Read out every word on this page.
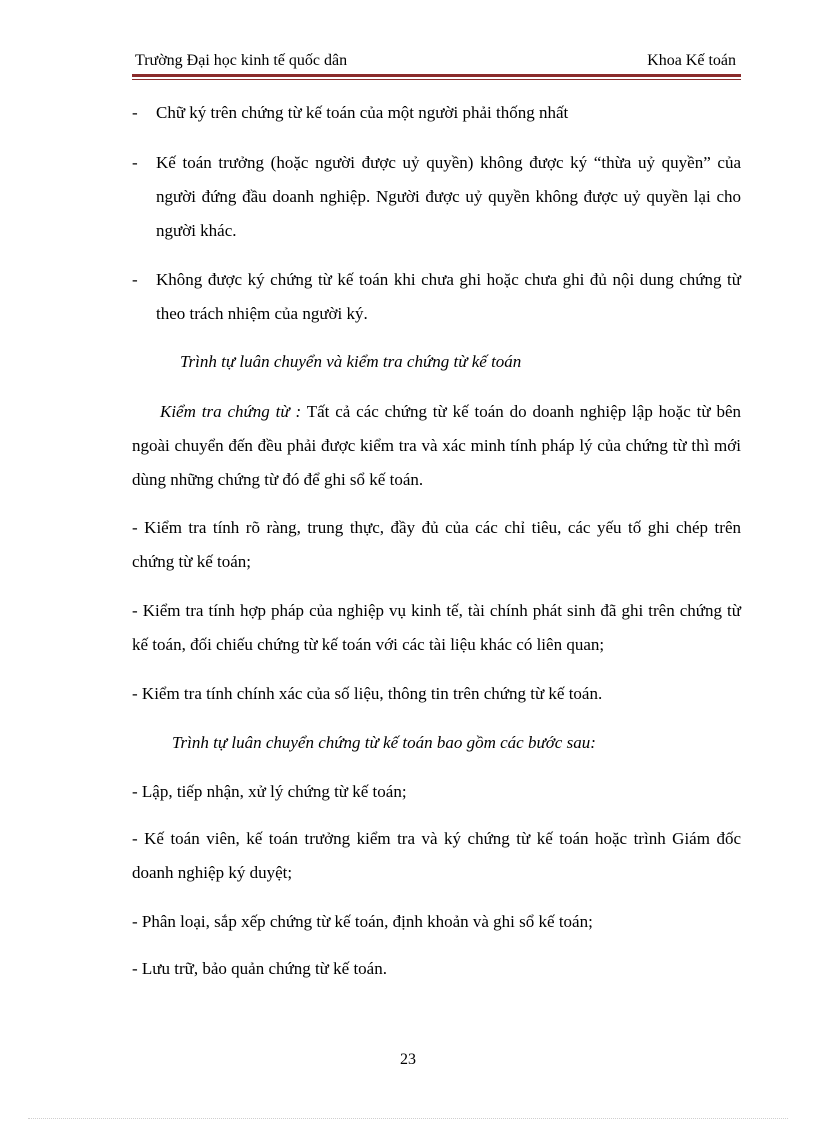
Trường Đại học kinh tế quốc dân	Khoa Kế toán
-	Chữ ký trên chứng từ kế toán của một người phải thống nhất
-	Kế toán trưởng (hoặc người được uỷ quyền) không được ký “thừa uỷ quyền” của người đứng đầu doanh nghiệp. Người được uỷ quyền không được uỷ quyền lại cho người khác.
-	Không được ký chứng từ kế toán khi chưa ghi hoặc chưa ghi đủ nội dung chứng từ theo trách nhiệm của người ký.
Trình tự luân chuyển và kiểm tra chứng từ kế toán
Kiểm tra chứng từ : Tất cả các chứng từ kế toán do doanh nghiệp lập hoặc từ bên ngoài chuyển đến đều phải được kiểm tra và xác minh tính pháp lý của chứng từ thì mới dùng những chứng từ đó để ghi sổ kế toán.
- Kiểm tra tính rõ ràng, trung thực, đầy đủ của các chỉ tiêu, các yếu tố ghi chép trên chứng từ kế toán;
- Kiểm tra tính hợp pháp của nghiệp vụ kinh tế, tài chính phát sinh đã ghi trên chứng từ kế toán, đối chiếu chứng từ kế toán với các tài liệu khác có liên quan;
- Kiểm tra tính chính xác của số liệu, thông tin trên chứng từ kế toán.
Trình tự luân chuyển chứng từ kế toán bao gồm các bước sau:
- Lập, tiếp nhận, xử lý chứng từ kế toán;
- Kế toán viên, kế toán trưởng kiểm tra và ký chứng từ kế toán hoặc trình Giám đốc doanh nghiệp ký duyệt;
- Phân loại, sắp xếp chứng từ kế toán, định khoản và ghi sổ kế toán;
- Lưu trữ, bảo quản chứng từ kế toán.
23
